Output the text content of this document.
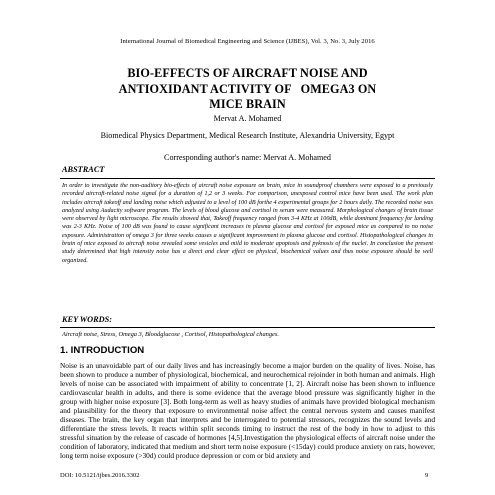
International Journal of Biomedical Engineering and Science (IJBES), Vol. 3, No. 3, July 2016
BIO-EFFECTS OF AIRCRAFT NOISE AND
ANTIOXIDANT ACTIVITY OF   OMEGA3 ON
MICE BRAIN
Mervat A. Mohamed
Biomedical Physics Department, Medical Research Institute, Alexandria University, Egypt
Corresponding author's name: Mervat A. Mohamed
ABSTRACT
In order to investigate the non-auditory bio-effects of aircraft noise exposure on brain, mice in soundproof chambers were exposed to a previously recorded aircraft-related noise signal for a duration of 1,2 or 3 weeks. For comparison, unexposed control mice have been used. The work plan includes aircraft takeoff and landing noise which adjusted to a level of 100 dB forthe 4 experimental groups for 2 hours daily. The recorded noise was analyzed using Audacity software program. The levels of blood glucose and cortisol in serum were measured. Morphological changes of brain tissue were observed by light microscope. The results showed that, Takeoff frequency ranged from 3-4 KHz at 100dB, while dominant frequency for landing was 2-3 KHz. Noise of 100 dB was found to cause significant increases in plasma glucose and cortisol for exposed mice as compared to no noise exposure. Administration of omega 3 for three weeks causes a significant improvement in plasma glucose and cortisol. Histopathological changes in brain of mice exposed to aircraft noise revealed some vesicles and mild to moderate apoptosis and pyknosis of the nuclei. In conclusion the present study determined that high intensity noise has a direct and clear effect on physical, biochemical values and thus noise exposure should be well organized.
KEY WORDS:
Aircraft noise, Stress, Omega 3, Bloodglucose , Cortisol, Histopathological changes.
1. INTRODUCTION
Noise is an unavoidable part of our daily lives and has increasingly become a major burden on the quality of lives. Noise, has been shown to produce a number of physiological, biochemical, and neurochemical rejoinder in both human and animals. High levels of noise can be associated with impairment of ability to concentrate [1, 2]. Aircraft noise has been shown to influence cardiovascular health in adults, and there is some evidence that the average blood pressure was significantly higher in the group with higher noise exposure [3]. Both long-term as well as heavy studies of animals have provided biological mechanism and plausibility for the theory that exposure to environmental noise affect the central nervous system and causes manifest diseases. The brain, the key organ that interprets and be interrogated to potential stressors, recognizes the sound levels and differentiate the stress levels. It reacts within split seconds timing to instruct the rest of the body in how to adjust to this stressful situation by the release of cascade of hormones [4,5].Investigation the physiological effects of aircraft noise under the condition of laboratory, indicated that medium and short term noise exposure (<15day) could produce anxiety on rats, however, long term noise exposure (>30d) could produce depression or com or bid anxiety and
DOI: 10.5121/ijbes.2016.3302	9
